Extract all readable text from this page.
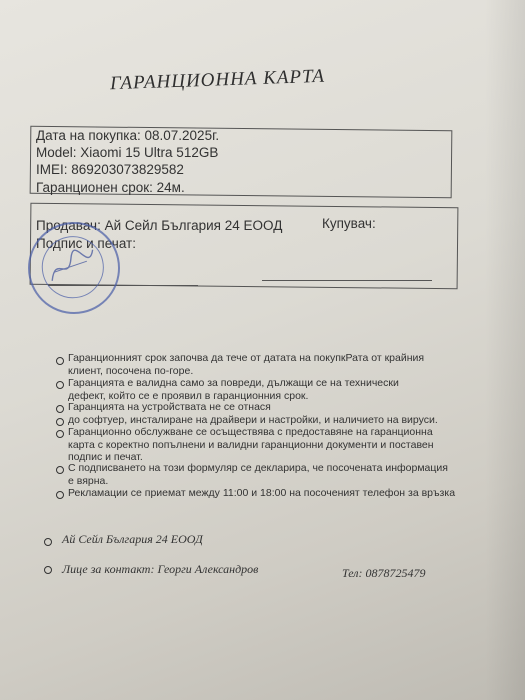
ГАРАНЦИОННА КАРТА
Дата на покупка: 08.07.2025г.
Model: Xiaomi 15 Ultra 512GB
IMEI: 869203073829582
Гаранционен срок: 24м.
Продавач: Ай Сейл България 24 ЕООД	Купувач:
Подпис и печат:
Гаранционният срок започва да тече от датата на покупкРата от крайния клиент, посочена по-горе.
Гаранцията е валидна само за повреди, дължащи се на технически дефект, който се е проявил в гаранционния срок.
Гаранцията на устройствата не се отнася
до софтуер, инсталиране на драйвери и настройки, и наличието на вируси.
Гаранционно обслужване се осъществява с предоставяне на гаранционна карта с коректно попълнени и валидни гаранционни документи и поставен подпис и печат.
С подписването на този формуляр се декларира, че посочената информация е вярна.
Рекламации се приемат между 11:00 и 18:00 на посоченият телефон за връзка
Ай Сейл България 24 ЕООД
Лице за контакт: Георги Александров	Тел: 0878725479
